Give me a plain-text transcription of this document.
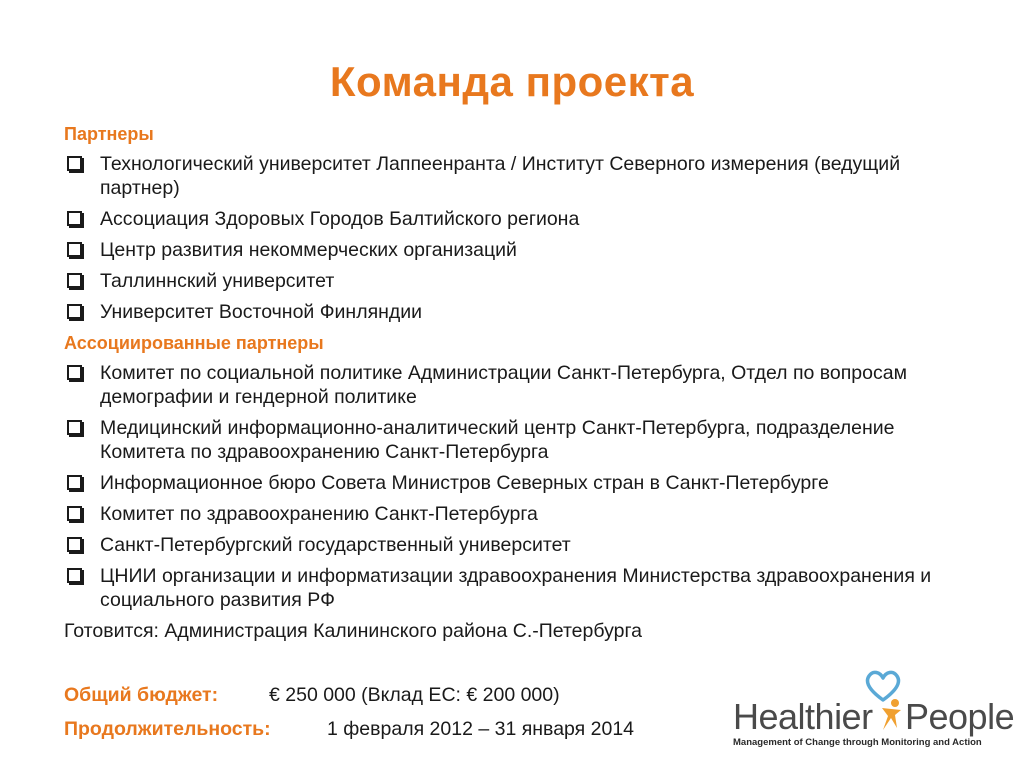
Команда проекта
Партнеры
Технологический университет Лаппеенранта / Институт Северного измерения (ведущий партнер)
Ассоциация Здоровых Городов Балтийского региона
Центр развития некоммерческих организаций
Таллиннский университет
Университет Восточной Финляндии
Ассоциированные партнеры
Комитет по социальной политике Администрации Санкт-Петербурга, Отдел по вопросам демографии и гендерной политике
Медицинский информационно-аналитический центр Санкт-Петербурга, подразделение Комитета по здравоохранению Санкт-Петербурга
Информационное бюро Совета Министров Северных стран в Санкт-Петербурге
Комитет по здравоохранению Санкт-Петербурга
Санкт-Петербургский государственный университет
ЦНИИ организации и информатизации здравоохранения Министерства здравоохранения и социального развития РФ
Готовится: Администрация Калининского района С.-Петербурга
Общий бюджет:	€ 250 000 (Вклад ЕС: € 200 000)
Продолжительность:	1 февраля 2012 – 31 января 2014	Healthier People
Management of Change through Monitoring and Action
